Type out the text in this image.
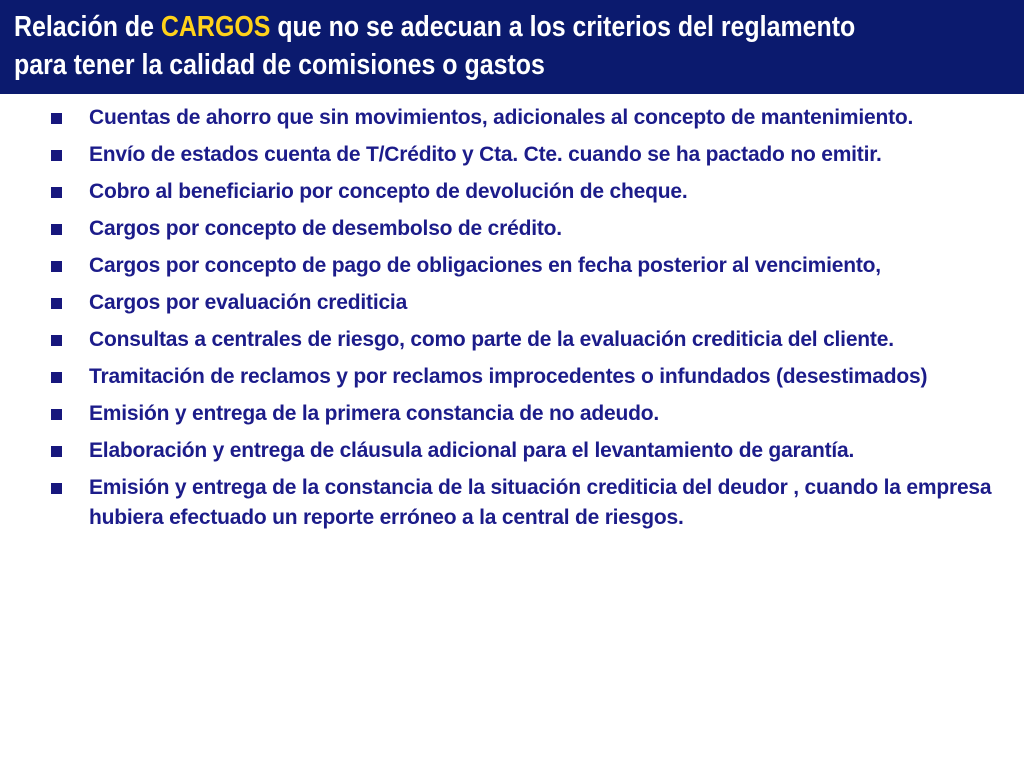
Relación de CARGOS que no se adecuan a los criterios del reglamento
para tener la calidad de comisiones o gastos
Cuentas de ahorro que sin movimientos, adicionales al concepto de mantenimiento.
Envío de estados cuenta de T/Crédito y Cta. Cte. cuando se ha pactado no emitir.
Cobro al beneficiario por concepto de devolución de cheque.
Cargos por concepto de desembolso de crédito.
Cargos por concepto de pago de obligaciones en fecha posterior al vencimiento,
Cargos por evaluación crediticia
Consultas a centrales de riesgo, como parte de la evaluación crediticia del cliente.
Tramitación de reclamos y por reclamos improcedentes o infundados (desestimados)
Emisión y entrega de la primera constancia de no adeudo.
Elaboración y entrega de cláusula adicional para el levantamiento de garantía.
Emisión y entrega de la constancia de la situación crediticia del deudor , cuando la empresa hubiera efectuado un reporte erróneo a la central de riesgos.
